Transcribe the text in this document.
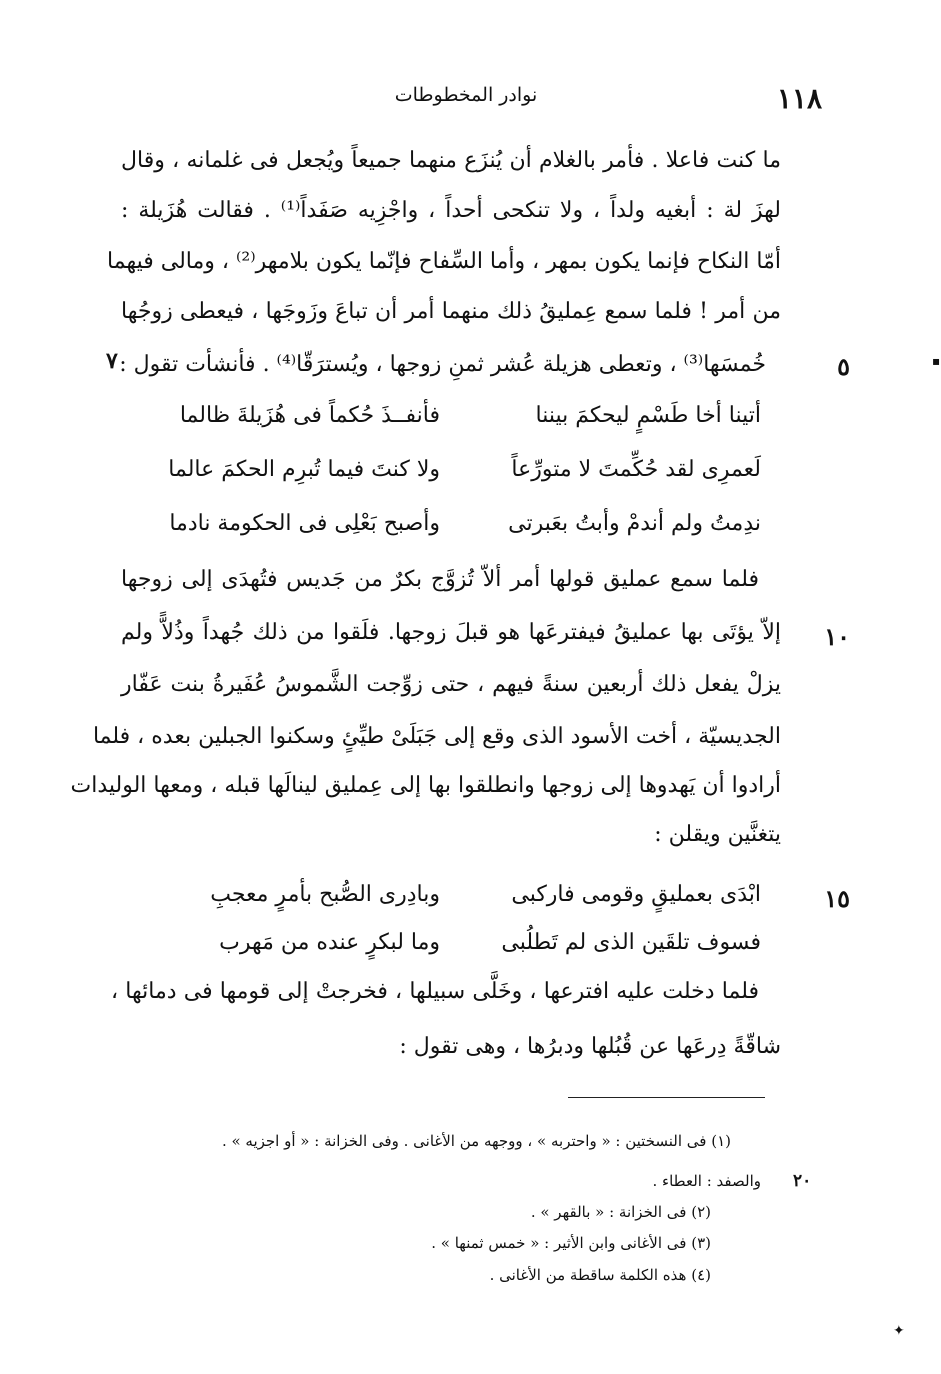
١١٨
نوادر المخطوطات
ما كنت فاعلا . فأمر بالغلام أن يُنزَع منهما جميعاً ويُجعل فى غلمانه ، وقال
لهزَ لة : أبغيه ولداً ، ولا تنكحى أحداً ، واجْزِيه صَفَداً⁽¹⁾ . فقالت هُزَيلة :
أمّا النكاح فإنما يكون بمهر ، وأما السِّفاح فإنّما يكون بلامهر⁽²⁾ ، ومالى فيهما
من أمر ! فلما سمع عِمليقُ ذلك منهما أمر أن تباعَ وزَوجَها ، فيعطى زوجُها
خُمسَها⁽³⁾ ، وتعطى هزيلة عُشر ثمنِ زوجها ، ويُسترَقّا⁽⁴⁾ . فأنشأت تقول :	٥
٧
أتينا أخا طَسْمٍ ليحكمَ بيننا
فأنفــذَ حُكماً فى هُزَيلةَ ظالما
لَعمرِى لقد حُكِّمتَ لا متورِّعاً
ولا كنتَ فيما تُبرِم الحكمَ عالما
ندِمتُ ولم أندمْ وأبتُ بعَبرتى
وأصبح بَعْلِى فى الحكومة نادما
فلما سمع عمليق قولها أمر ألاّ تُزوَّج بكرٌ من جَديس فتُهدَى إلى زوجها
إلاّ يؤتَى بها عمليقُ فيفترعَها هو قبلَ زوجها. فلَقوا من ذلك جُهداً وذُلاًّ ولم	١٠
يزلْ يفعل ذلك أربعين سنةً فيهم ، حتى زوِّجت الشَّموسُ عُفَيرةُ بنت عَفّار
الجديسيّة ، أخت الأسود الذى وقع إلى جَبَلَىْ طيِّئٍ وسكنوا الجبلين بعده ، فلما
أرادوا أن يَهدوها إلى زوجها وانطلقوا بها إلى عِمليق لينالَها قبله ، ومعها الوليدات
يتغنَّين ويقلن :
ابْدَى بعمليقٍ وقومى فاركبى
وبادِرى الصُّبح بأمرٍ معجبِ	١٥
فسوف تلقَين الذى لم تَطلُبى
وما لبكرٍ عنده من مَهرب
فلما دخلت عليه افترعها ، وخَلَّى سبيلها ، فخرجتْ إلى قومها فى دمائها ،
شاقّةً دِرعَها عن قُبُلها ودبرُها ، وهى تقول :
(١) فى النسختين : « واحتربه » ، ووجهه من الأغانى . وفى الخزانة : « أو اجزيه » .
والصفد : العطاء . ٢٠
(٢) فى الخزانة : « بالقهر » .
(٣) فى الأغانى وابن الأثير : « خمس ثمنها » .
(٤) هذه الكلمة ساقطة من الأغانى .
✦
▪
